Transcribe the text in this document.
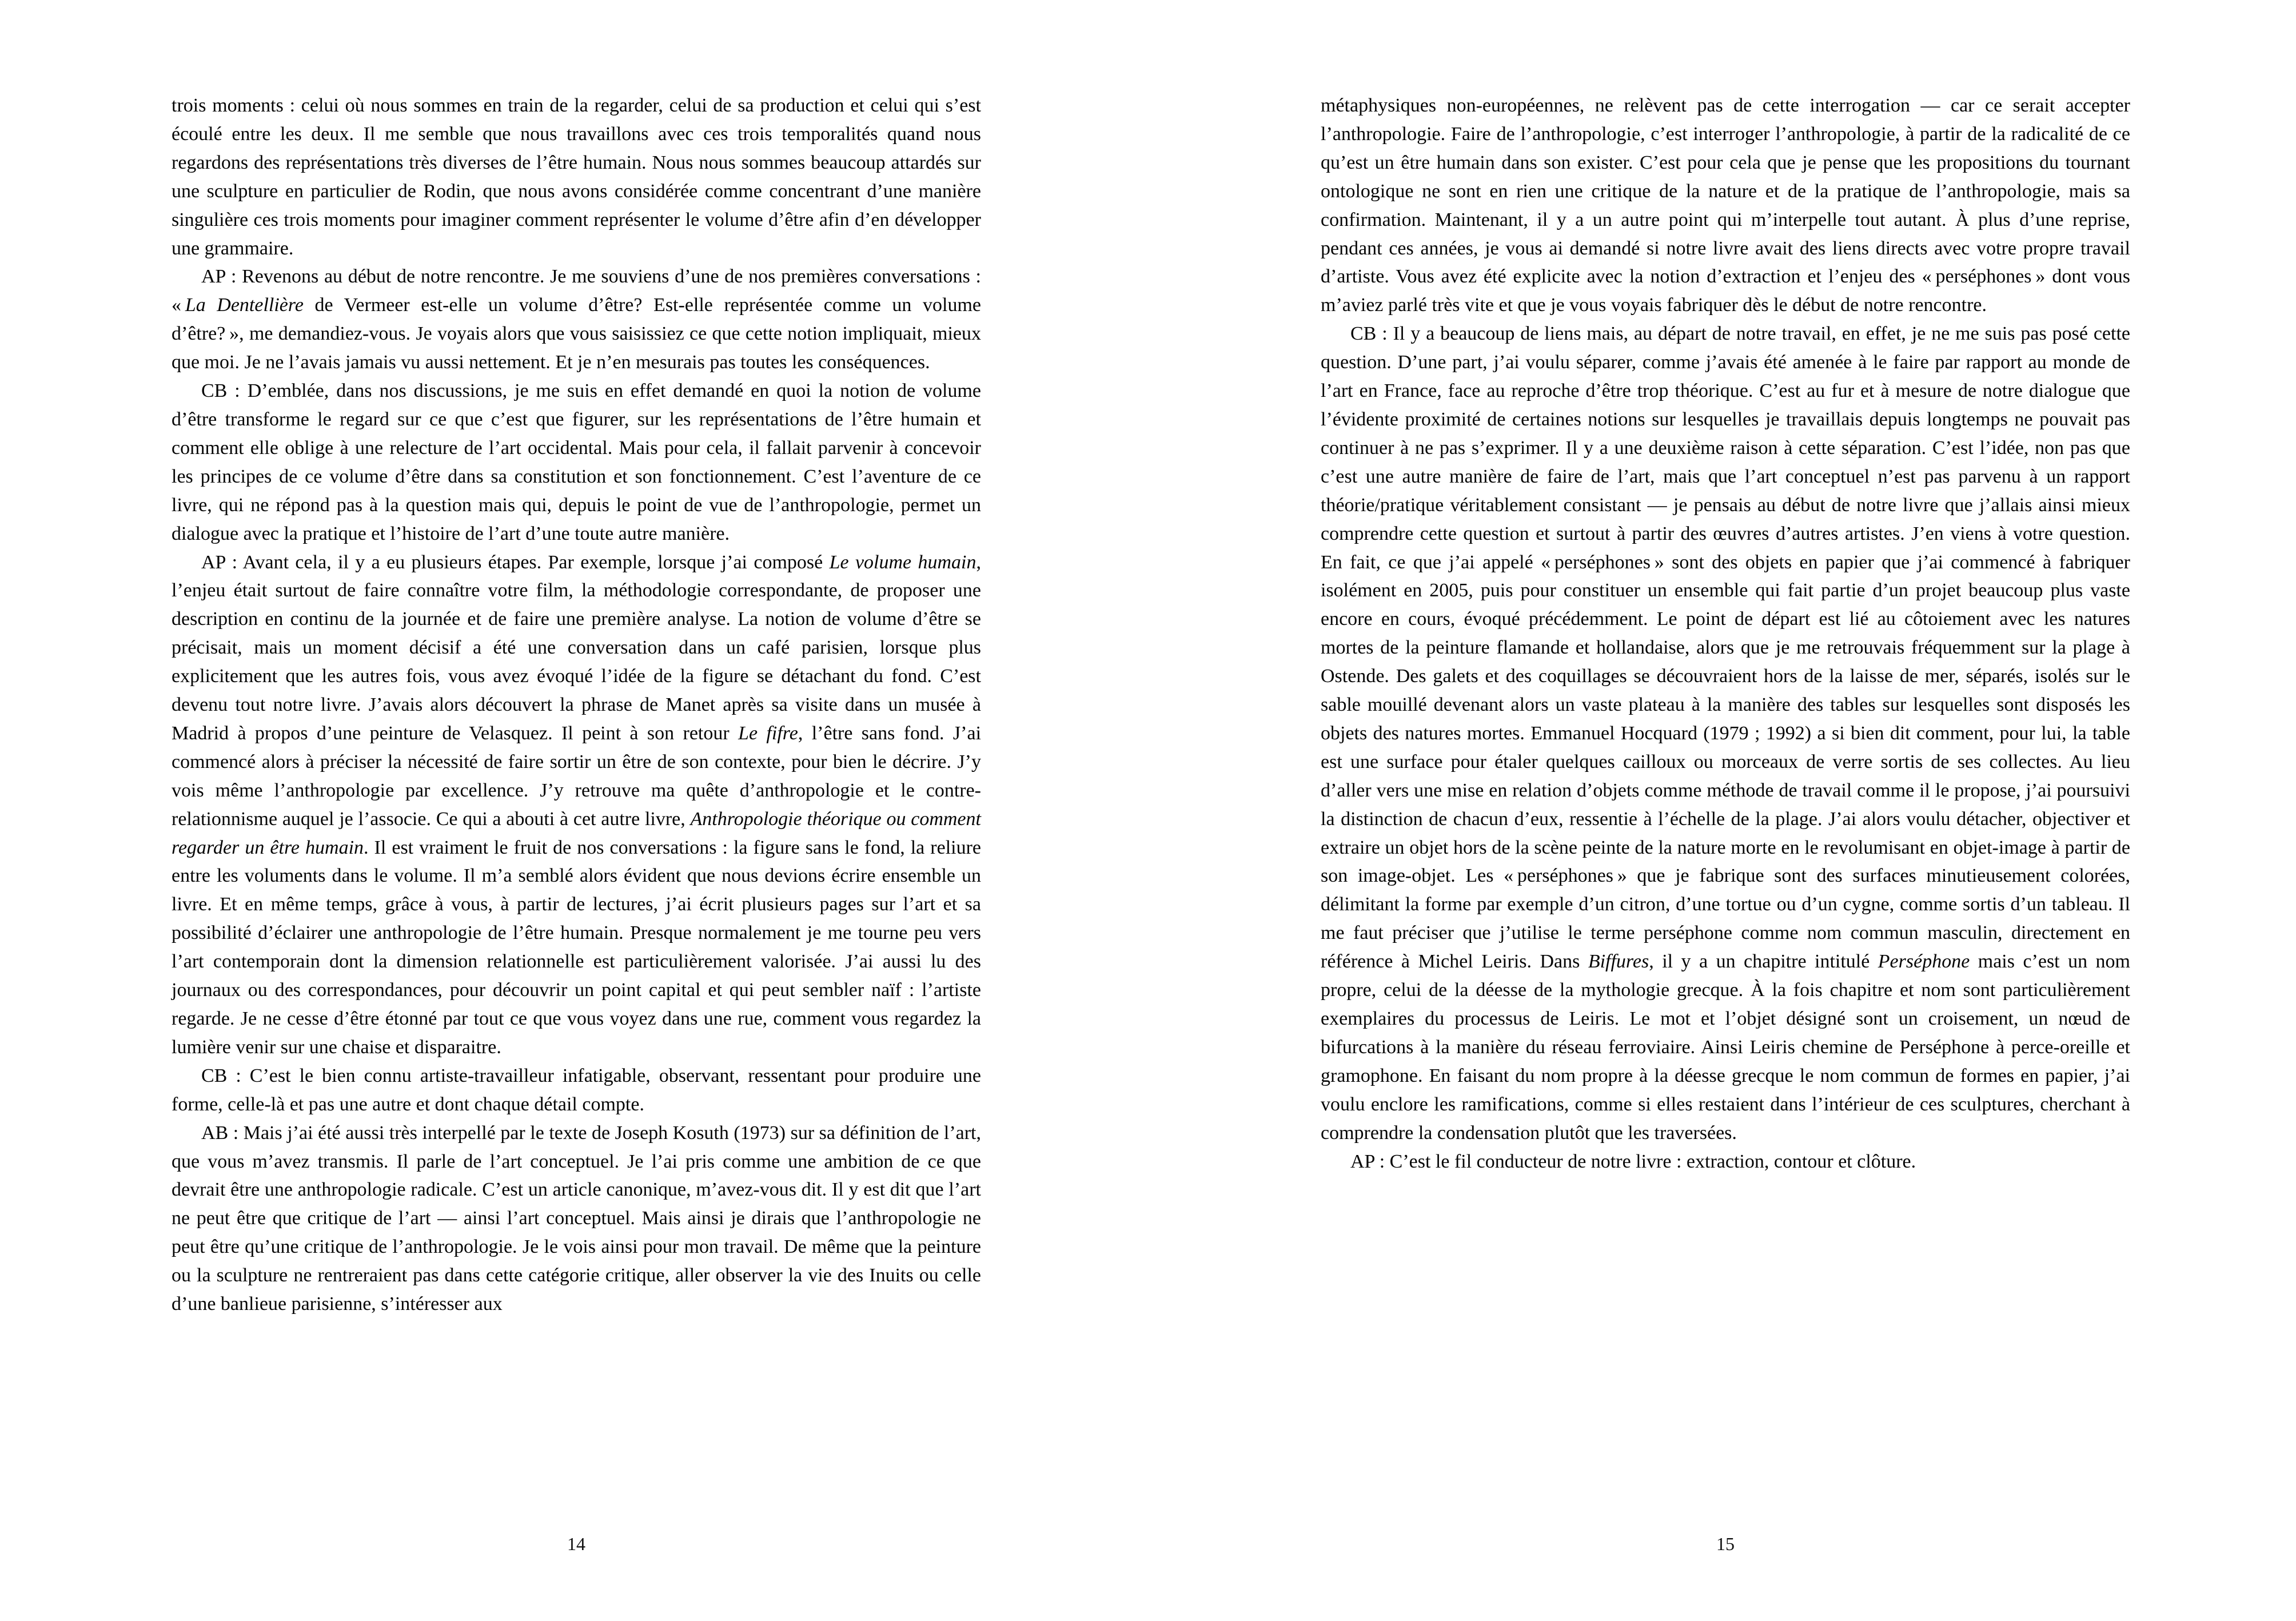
trois moments : celui où nous sommes en train de la regarder, celui de sa production et celui qui s’est écoulé entre les deux. Il me semble que nous travaillons avec ces trois temporalités quand nous regardons des représentations très diverses de l’être humain. Nous nous sommes beaucoup attardés sur une sculpture en particulier de Rodin, que nous avons considérée comme concentrant d’une manière singulière ces trois moments pour imaginer comment représenter le volume d’être afin d’en développer une grammaire.

AP : Revenons au début de notre rencontre. Je me souviens d’une de nos premières conversations : « La Dentellière de Vermeer est-elle un volume d’être? Est-elle représentée comme un volume d’être? », me demandiez-vous. Je voyais alors que vous saisissiez ce que cette notion impliquait, mieux que moi. Je ne l’avais jamais vu aussi nettement. Et je n’en mesurais pas toutes les conséquences.

CB : D’emblée, dans nos discussions, je me suis en effet demandé en quoi la notion de volume d’être transforme le regard sur ce que c’est que figurer, sur les représentations de l’être humain et comment elle oblige à une relecture de l’art occidental. Mais pour cela, il fallait parvenir à concevoir les principes de ce volume d’être dans sa constitution et son fonctionnement. C’est l’aventure de ce livre, qui ne répond pas à la question mais qui, depuis le point de vue de l’anthropologie, permet un dialogue avec la pratique et l’histoire de l’art d’une toute autre manière.

AP : Avant cela, il y a eu plusieurs étapes. Par exemple, lorsque j’ai composé Le volume humain, l’enjeu était surtout de faire connaître votre film, la méthodologie correspondante, de proposer une description en continu de la journée et de faire une première analyse. La notion de volume d’être se précisait, mais un moment décisif a été une conversation dans un café parisien, lorsque plus explicitement que les autres fois, vous avez évoqué l’idée de la figure se détachant du fond. C’est devenu tout notre livre. J’avais alors découvert la phrase de Manet après sa visite dans un musée à Madrid à propos d’une peinture de Velasquez. Il peint à son retour Le fifre, l’être sans fond. J’ai commencé alors à préciser la nécessité de faire sortir un être de son contexte, pour bien le décrire. J’y vois même l’anthropologie par excellence. J’y retrouve ma quête d’anthropologie et le contre-relationnisme auquel je l’associe. Ce qui a abouti à cet autre livre, Anthropologie théorique ou comment regarder un être humain. Il est vraiment le fruit de nos conversations : la figure sans le fond, la reliure entre les voluments dans le volume. Il m’a semblé alors évident que nous devions écrire ensemble un livre. Et en même temps, grâce à vous, à partir de lectures, j’ai écrit plusieurs pages sur l’art et sa possibilité d’éclairer une anthropologie de l’être humain. Presque normalement je me tourne peu vers l’art contemporain dont la dimension relationnelle est particulièrement valorisée. J’ai aussi lu des journaux ou des correspondances, pour découvrir un point capital et qui peut sembler naïf : l’artiste regarde. Je ne cesse d’être étonné par tout ce que vous voyez dans une rue, comment vous regardez la lumière venir sur une chaise et disparaitre.

CB : C’est le bien connu artiste-travailleur infatigable, observant, ressentant pour produire une forme, celle-là et pas une autre et dont chaque détail compte.

AB : Mais j’ai été aussi très interpellé par le texte de Joseph Kosuth (1973) sur sa définition de l’art, que vous m’avez transmis. Il parle de l’art conceptuel. Je l’ai pris comme une ambition de ce que devrait être une anthropologie radicale. C’est un article canonique, m’avez-vous dit. Il y est dit que l’art ne peut être que critique de l’art — ainsi l’art conceptuel. Mais ainsi je dirais que l’anthropologie ne peut être qu’une critique de l’anthropologie. Je le vois ainsi pour mon travail. De même que la peinture ou la sculpture ne rentreraient pas dans cette catégorie critique, aller observer la vie des Inuits ou celle d’une banlieue parisienne, s’intéresser aux

14

métaphysiques non-européennes, ne relèvent pas de cette interrogation — car ce serait accepter l’anthropologie. Faire de l’anthropologie, c’est interroger l’anthropologie, à partir de la radicalité de ce qu’est un être humain dans son exister. C’est pour cela que je pense que les propositions du tournant ontologique ne sont en rien une critique de la nature et de la pratique de l’anthropologie, mais sa confirmation. Maintenant, il y a un autre point qui m’interpelle tout autant. À plus d’une reprise, pendant ces années, je vous ai demandé si notre livre avait des liens directs avec votre propre travail d’artiste. Vous avez été explicite avec la notion d’extraction et l’enjeu des « perséphones » dont vous m’aviez parlé très vite et que je vous voyais fabriquer dès le début de notre rencontre.

CB : Il y a beaucoup de liens mais, au départ de notre travail, en effet, je ne me suis pas posé cette question. D’une part, j’ai voulu séparer, comme j’avais été amenée à le faire par rapport au monde de l’art en France, face au reproche d’être trop théorique. C’est au fur et à mesure de notre dialogue que l’évidente proximité de certaines notions sur lesquelles je travaillais depuis longtemps ne pouvait pas continuer à ne pas s’exprimer. Il y a une deuxième raison à cette séparation. C’est l’idée, non pas que c’est une autre manière de faire de l’art, mais que l’art conceptuel n’est pas parvenu à un rapport théorie/pratique véritablement consistant — je pensais au début de notre livre que j’allais ainsi mieux comprendre cette question et surtout à partir des œuvres d’autres artistes. J’en viens à votre question. En fait, ce que j’ai appelé « perséphones » sont des objets en papier que j’ai commencé à fabriquer isolément en 2005, puis pour constituer un ensemble qui fait partie d’un projet beaucoup plus vaste encore en cours, évoqué précédemment. Le point de départ est lié au côtoiement avec les natures mortes de la peinture flamande et hollandaise, alors que je me retrouvais fréquemment sur la plage à Ostende. Des galets et des coquillages se découvraient hors de la laisse de mer, séparés, isolés sur le sable mouillé devenant alors un vaste plateau à la manière des tables sur lesquelles sont disposés les objets des natures mortes. Emmanuel Hocquard (1979 ; 1992) a si bien dit comment, pour lui, la table est une surface pour étaler quelques cailloux ou morceaux de verre sortis de ses collectes. Au lieu d’aller vers une mise en relation d’objets comme méthode de travail comme il le propose, j’ai poursuivi la distinction de chacun d’eux, ressentie à l’échelle de la plage. J’ai alors voulu détacher, objectiver et extraire un objet hors de la scène peinte de la nature morte en le revolumisant en objet-image à partir de son image-objet. Les « perséphones » que je fabrique sont des surfaces minutieusement colorées, délimitant la forme par exemple d’un citron, d’une tortue ou d’un cygne, comme sortis d’un tableau. Il me faut préciser que j’utilise le terme perséphone comme nom commun masculin, directement en référence à Michel Leiris. Dans Biffures, il y a un chapitre intitulé Perséphone mais c’est un nom propre, celui de la déesse de la mythologie grecque. À la fois chapitre et nom sont particulièrement exemplaires du processus de Leiris. Le mot et l’objet désigné sont un croisement, un nœud de bifurcations à la manière du réseau ferroviaire. Ainsi Leiris chemine de Perséphone à perce-oreille et gramophone. En faisant du nom propre à la déesse grecque le nom commun de formes en papier, j’ai voulu enclore les ramifications, comme si elles restaient dans l’intérieur de ces sculptures, cherchant à comprendre la condensation plutôt que les traversées.

AP : C’est le fil conducteur de notre livre : extraction, contour et clôture.

15
